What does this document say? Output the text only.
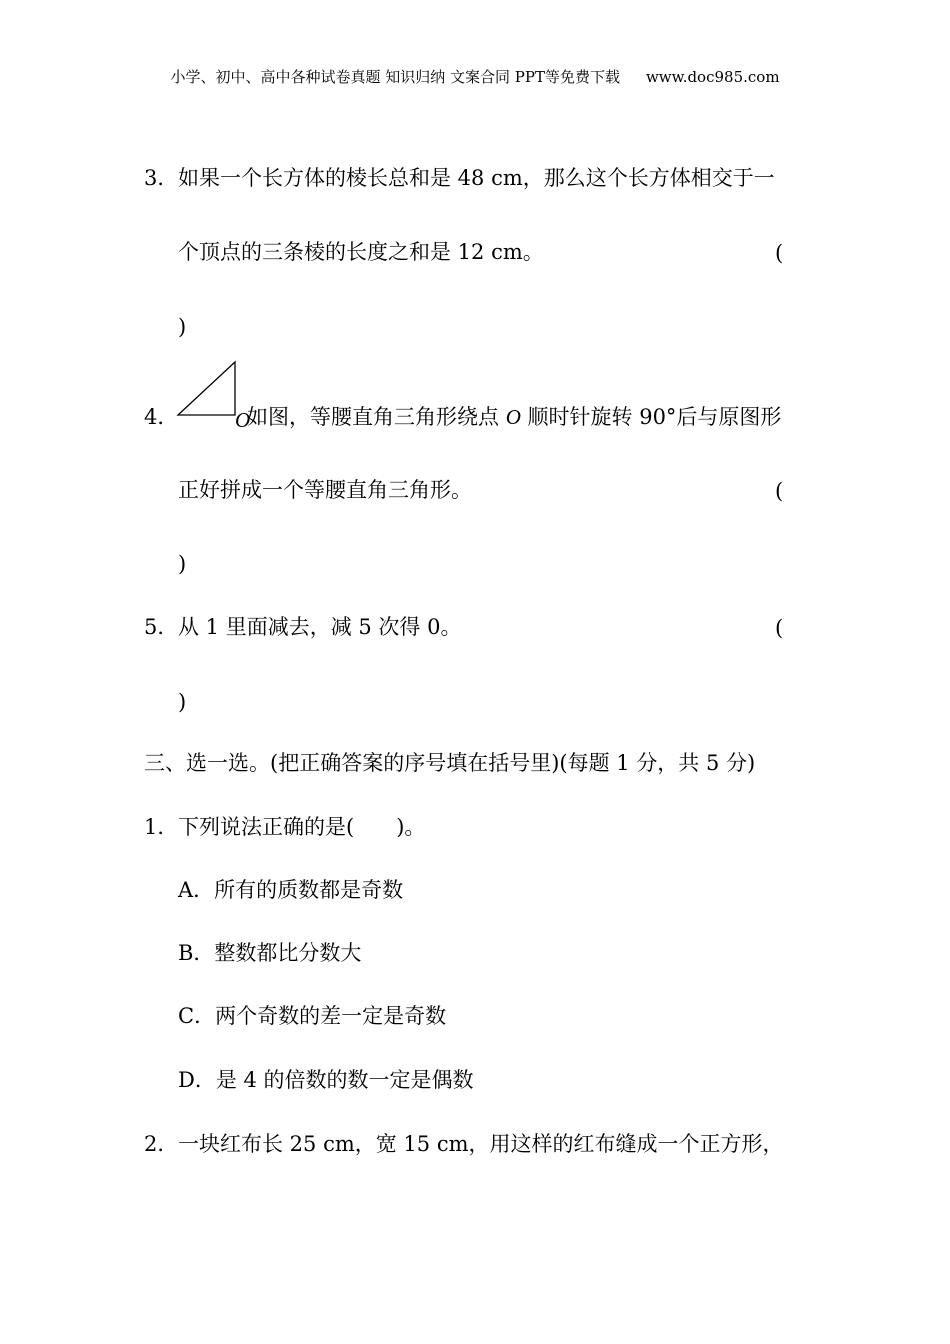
小学、初中、高中各种试卷真题 知识归纳 文案合同 PPT等免费下载 www.doc985.com
3．如果一个长方体的棱长总和是 48 cm，那么这个长方体相交于一
个顶点的三条棱的长度之和是 12 cm。	(
)
4．	O
如图，等腰直角三角形绕点 O 顺时针旋转 90°后与原图形
正好拼成一个等腰直角三角形。	(
)
5．从 1 里面减去，减 5 次得 0。	(
)
三、选一选。(把正确答案的序号填在括号里)(每题 1 分，共 5 分)
1．下列说法正确的是( )。
A．所有的质数都是奇数
B．整数都比分数大
C．两个奇数的差一定是奇数
D．是 4 的倍数的数一定是偶数
2．一块红布长 25 cm，宽 15 cm，用这样的红布缝成一个正方形，
